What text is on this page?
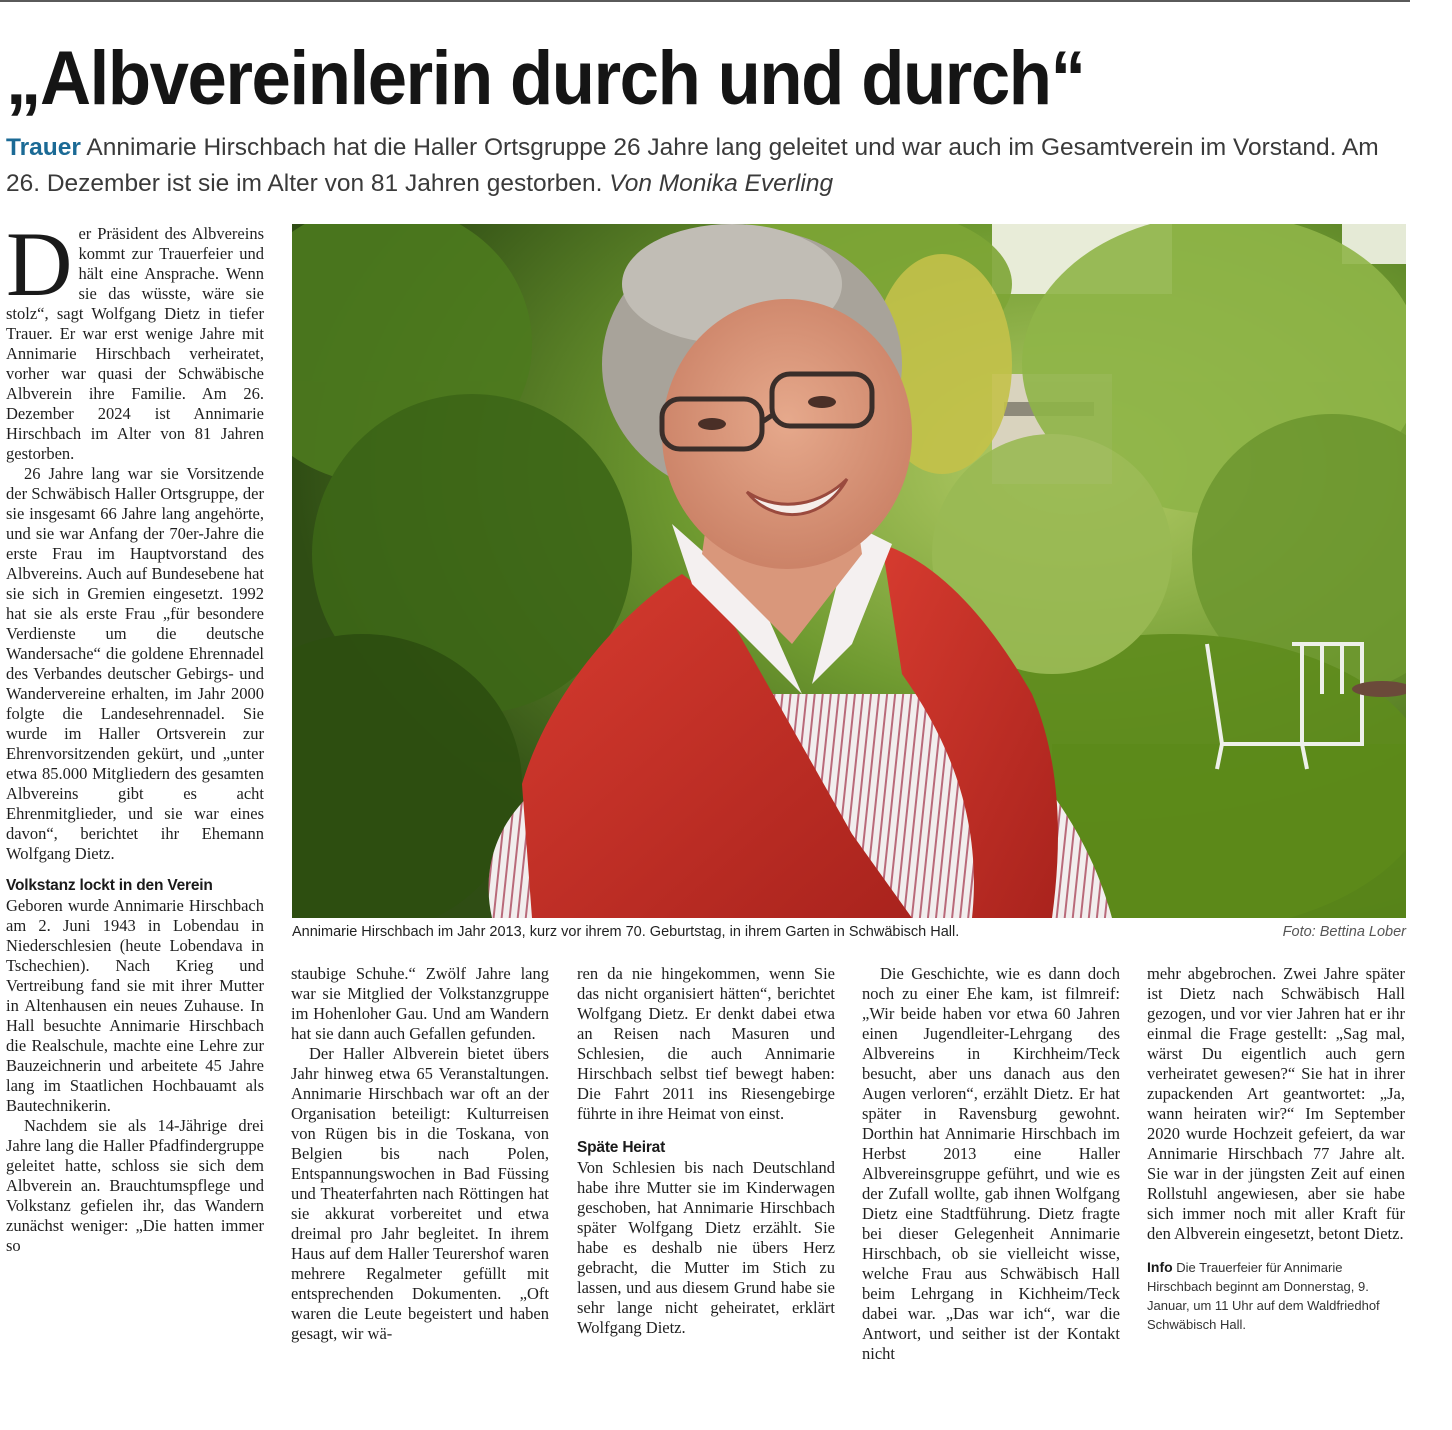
„Albvereinlerin durch und durch“

Trauer Annimarie Hirschbach hat die Haller Ortsgruppe 26 Jahre lang geleitet und war auch im Gesamtverein im Vorstand. Am 26. Dezember ist sie im Alter von 81 Jahren gestorben. Von Monika Everling

Der Präsident des Albvereins kommt zur Trauerfeier und hält eine Ansprache. Wenn sie das wüsste, wäre sie stolz“, sagt Wolfgang Dietz in tiefer Trauer. Er war erst wenige Jahre mit Annimarie Hirschbach verheiratet, vorher war quasi der Schwäbische Albverein ihre Familie. Am 26. Dezember 2024 ist Annimarie Hirschbach im Alter von 81 Jahren gestorben.

26 Jahre lang war sie Vorsitzende der Schwäbisch Haller Ortsgruppe, der sie insgesamt 66 Jahre lang angehörte, und sie war Anfang der 70er-Jahre die erste Frau im Hauptvorstand des Albvereins. Auch auf Bundesebene hat sie sich in Gremien eingesetzt. 1992 hat sie als erste Frau „für besondere Verdienste um die deutsche Wandersache“ die goldene Ehrennadel des Verbandes deutscher Gebirgs- und Wandervereine erhalten, im Jahr 2000 folgte die Landesehrennadel. Sie wurde im Haller Ortsverein zur Ehrenvorsitzenden gekürt, und „unter etwa 85.000 Mitgliedern des gesamten Albvereins gibt es acht Ehrenmitglieder, und sie war eines davon“, berichtet ihr Ehemann Wolfgang Dietz.

Volkstanz lockt in den Verein

Geboren wurde Annimarie Hirschbach am 2. Juni 1943 in Lobendau in Niederschlesien (heute Lobendava in Tschechien). Nach Krieg und Vertreibung fand sie mit ihrer Mutter in Altenhausen ein neues Zuhause. In Hall besuchte Annimarie Hirschbach die Realschule, machte eine Lehre zur Bauzeichnerin und arbeitete 45 Jahre lang im Staatlichen Hochbauamt als Bautechnikerin.

Nachdem sie als 14-Jährige drei Jahre lang die Haller Pfadfindergruppe geleitet hatte, schloss sie sich dem Albverein an. Brauchtumspflege und Volkstanz gefielen ihr, das Wandern zunächst weniger: „Die hatten immer so

Annimarie Hirschbach im Jahr 2013, kurz vor ihrem 70. Geburtstag, in ihrem Garten in Schwäbisch Hall.	Foto: Bettina Lober

staubige Schuhe.“ Zwölf Jahre lang war sie Mitglied der Volkstanzgruppe im Hohenloher Gau. Und am Wandern hat sie dann auch Gefallen gefunden.

Der Haller Albverein bietet übers Jahr hinweg etwa 65 Veranstaltungen. Annimarie Hirschbach war oft an der Organisation beteiligt: Kulturreisen von Rügen bis in die Toskana, von Belgien bis nach Polen, Entspannungswochen in Bad Füssing und Theaterfahrten nach Röttingen hat sie akkurat vorbereitet und etwa dreimal pro Jahr begleitet. In ihrem Haus auf dem Haller Teurershof waren mehrere Regalmeter gefüllt mit entsprechenden Dokumenten. „Oft waren die Leute begeistert und haben gesagt, wir wä-

ren da nie hingekommen, wenn Sie das nicht organisiert hätten“, berichtet Wolfgang Dietz. Er denkt dabei etwa an Reisen nach Masuren und Schlesien, die auch Annimarie Hirschbach selbst tief bewegt haben: Die Fahrt 2011 ins Riesengebirge führte in ihre Heimat von einst.

Späte Heirat

Von Schlesien bis nach Deutschland habe ihre Mutter sie im Kinderwagen geschoben, hat Annimarie Hirschbach später Wolfgang Dietz erzählt. Sie habe es deshalb nie übers Herz gebracht, die Mutter im Stich zu lassen, und aus diesem Grund habe sie sehr lange nicht geheiratet, erklärt Wolfgang Dietz.

Die Geschichte, wie es dann doch noch zu einer Ehe kam, ist filmreif: „Wir beide haben vor etwa 60 Jahren einen Jugendleiter-Lehrgang des Albvereins in Kirchheim/Teck besucht, aber uns danach aus den Augen verloren“, erzählt Dietz. Er hat später in Ravensburg gewohnt. Dorthin hat Annimarie Hirschbach im Herbst 2013 eine Haller Albvereinsgruppe geführt, und wie es der Zufall wollte, gab ihnen Wolfgang Dietz eine Stadtführung. Dietz fragte bei dieser Gelegenheit Annimarie Hirschbach, ob sie vielleicht wisse, welche Frau aus Schwäbisch Hall beim Lehrgang in Kichheim/Teck dabei war. „Das war ich“, war die Antwort, und seither ist der Kontakt nicht

mehr abgebrochen. Zwei Jahre später ist Dietz nach Schwäbisch Hall gezogen, und vor vier Jahren hat er ihr einmal die Frage gestellt: „Sag mal, wärst Du eigentlich auch gern verheiratet gewesen?“ Sie hat in ihrer zupackenden Art geantwortet: „Ja, wann heiraten wir?“ Im September 2020 wurde Hochzeit gefeiert, da war Annimarie Hirschbach 77 Jahre alt. Sie war in der jüngsten Zeit auf einen Rollstuhl angewiesen, aber sie habe sich immer noch mit aller Kraft für den Albverein eingesetzt, betont Dietz.

Info Die Trauerfeier für Annimarie Hirschbach beginnt am Donnerstag, 9. Januar, um 11 Uhr auf dem Waldfriedhof Schwäbisch Hall.
